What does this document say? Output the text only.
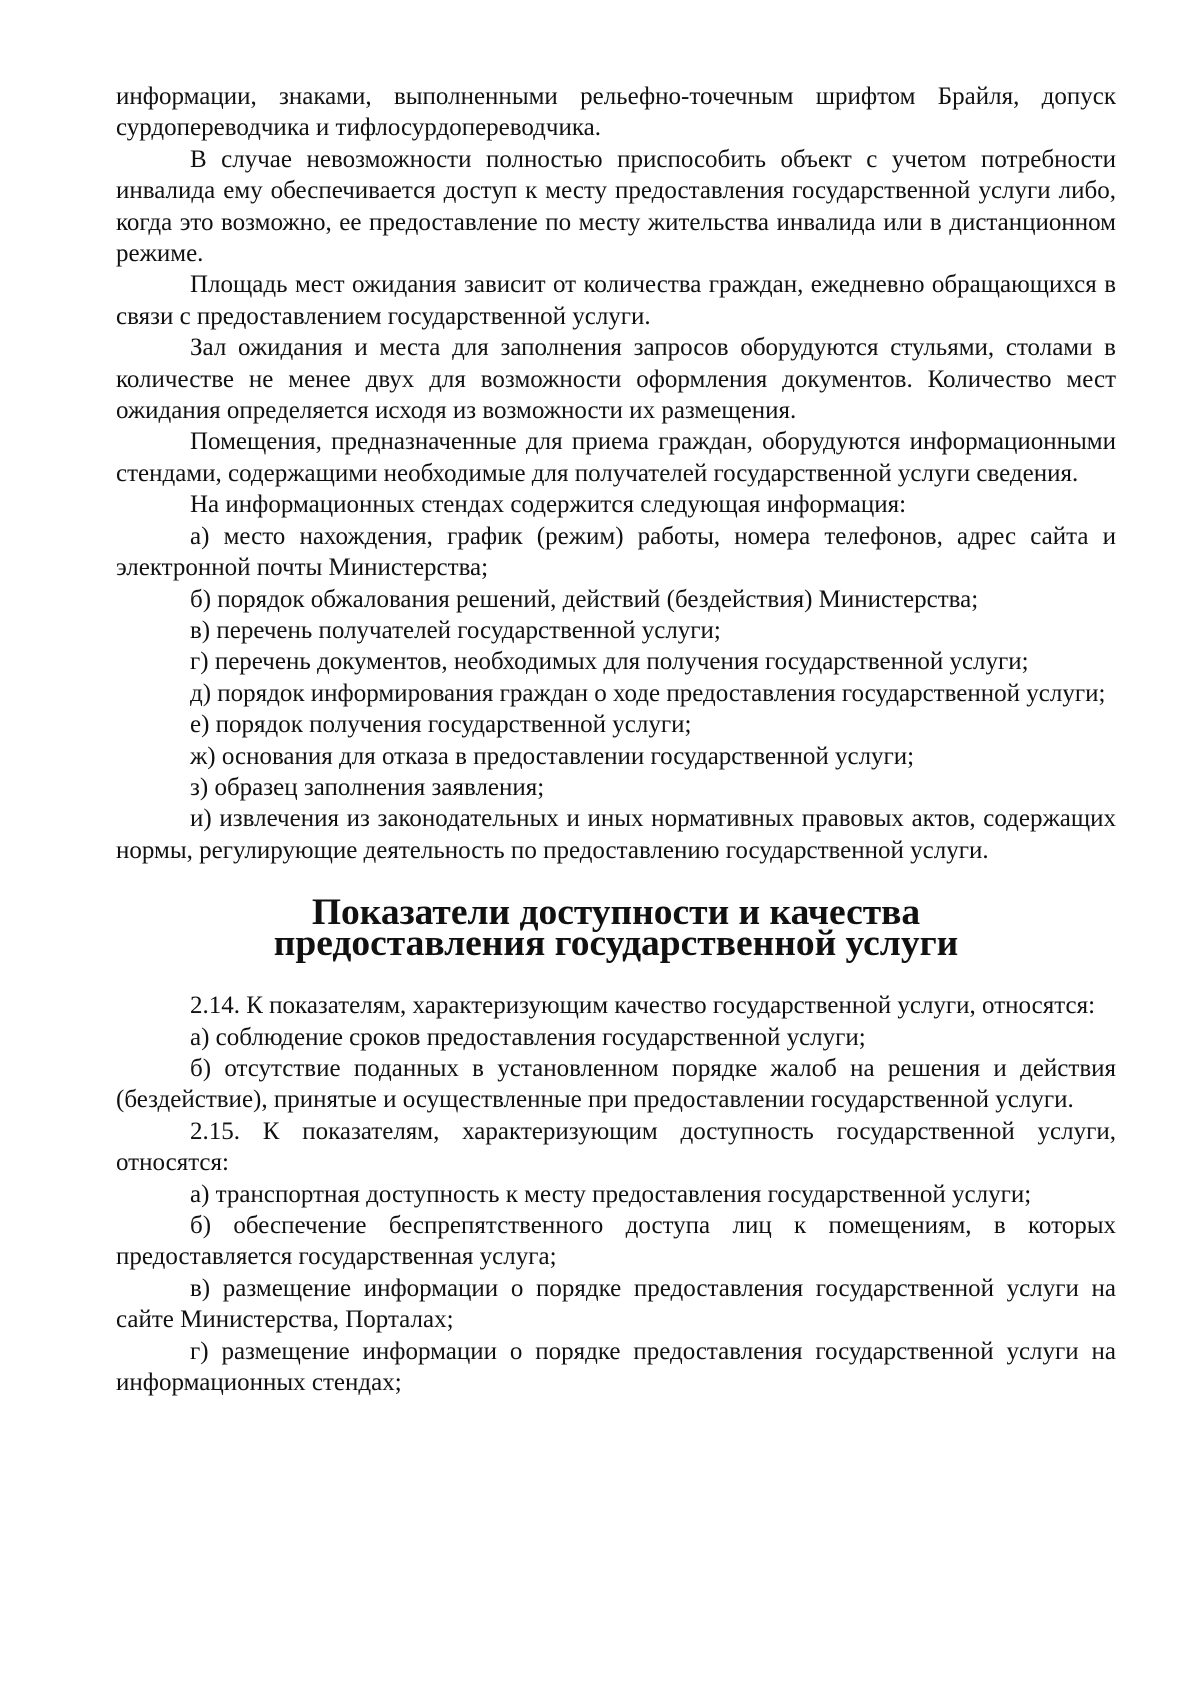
информации, знаками, выполненными рельефно-точечным шрифтом Брайля, допуск сурдопереводчика и тифлосурдопереводчика.

В случае невозможности полностью приспособить объект с учетом потребности инвалида ему обеспечивается доступ к месту предоставления государственной услуги либо, когда это возможно, ее предоставление по месту жительства инвалида или в дистанционном режиме.

Площадь мест ожидания зависит от количества граждан, ежедневно обращающихся в связи с предоставлением государственной услуги.

Зал ожидания и места для заполнения запросов оборудуются стульями, столами в количестве не менее двух для возможности оформления документов. Количество мест ожидания определяется исходя из возможности их размещения.

Помещения, предназначенные для приема граждан, оборудуются информационными стендами, содержащими необходимые для получателей государственной услуги сведения.

На информационных стендах содержится следующая информация:

а) место нахождения, график (режим) работы, номера телефонов, адрес сайта и электронной почты Министерства;

б) порядок обжалования решений, действий (бездействия) Министерства;

в) перечень получателей государственной услуги;

г) перечень документов, необходимых для получения государственной услуги;

д) порядок информирования граждан о ходе предоставления государственной услуги;

е) порядок получения государственной услуги;

ж) основания для отказа в предоставлении государственной услуги;

з) образец заполнения заявления;

и) извлечения из законодательных и иных нормативных правовых актов, содержащих нормы, регулирующие деятельность по предоставлению государственной услуги.

Показатели доступности и качества предоставления государственной услуги

2.14. К показателям, характеризующим качество государственной услуги, относятся:

а) соблюдение сроков предоставления государственной услуги;

б) отсутствие поданных в установленном порядке жалоб на решения и действия (бездействие), принятые и осуществленные при предоставлении государственной услуги.

2.15. К показателям, характеризующим доступность государственной услуги, относятся:

а) транспортная доступность к месту предоставления государственной услуги;

б) обеспечение беспрепятственного доступа лиц к помещениям, в которых предоставляется государственная услуга;

в) размещение информации о порядке предоставления государственной услуги на сайте Министерства, Порталах;

г) размещение информации о порядке предоставления государственной услуги на информационных стендах;
